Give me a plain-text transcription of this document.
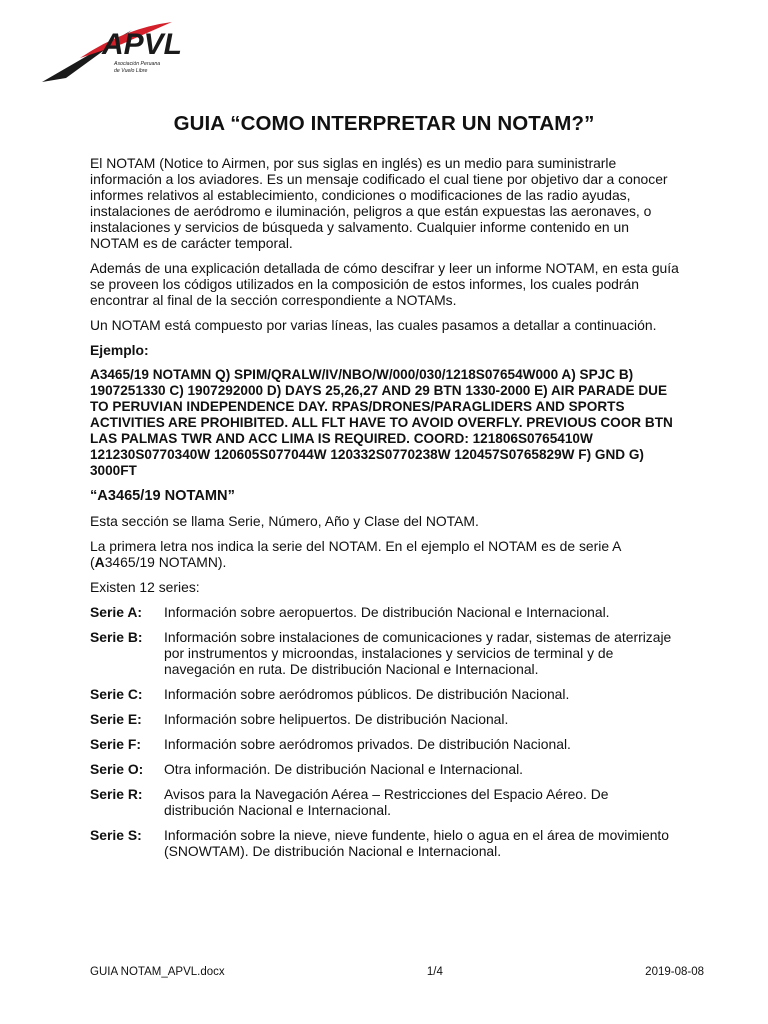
APVL
Asociación Peruana
de Vuelo Libre
GUIA “COMO INTERPRETAR UN NOTAM?”

El NOTAM (Notice to Airmen, por sus siglas en inglés) es un medio para suministrarle información a los aviadores. Es un mensaje codificado el cual tiene por objetivo dar a conocer informes relativos al establecimiento, condiciones o modificaciones de las radio ayudas, instalaciones de aeródromo e iluminación, peligros a que están expuestas las aeronaves, o instalaciones y servicios de búsqueda y salvamento. Cualquier informe contenido en un NOTAM es de carácter temporal.

Además de una explicación detallada de cómo descifrar y leer un informe NOTAM, en esta guía se proveen los códigos utilizados en la composición de estos informes, los cuales podrán encontrar al final de la sección correspondiente a NOTAMs.

Un NOTAM está compuesto por varias líneas, las cuales pasamos a detallar a continuación.

Ejemplo:

A3465/19 NOTAMN Q) SPIM/QRALW/IV/NBO/W/000/030/1218S07654W000 A) SPJC B) 1907251330 C) 1907292000 D) DAYS 25,26,27 AND 29 BTN 1330-2000 E) AIR PARADE DUE TO PERUVIAN INDEPENDENCE DAY. RPAS/DRONES/PARAGLIDERS AND SPORTS ACTIVITIES ARE PROHIBITED. ALL FLT HAVE TO AVOID OVERFLY. PREVIOUS COOR BTN LAS PALMAS TWR AND ACC LIMA IS REQUIRED. COORD: 121806S0765410W 121230S0770340W 120605S077044W 120332S0770238W 120457S0765829W F) GND G) 3000FT

“A3465/19 NOTAMN”

Esta sección se llama Serie, Número, Año y Clase del NOTAM.

La primera letra nos indica la serie del NOTAM. En el ejemplo el NOTAM es de serie A (A3465/19 NOTAMN).

Existen 12 series:

Serie A:	Información sobre aeropuertos. De distribución Nacional e Internacional.
Serie B:	Información sobre instalaciones de comunicaciones y radar, sistemas de aterrizaje por instrumentos y microondas, instalaciones y servicios de terminal y de navegación en ruta. De distribución Nacional e Internacional.
Serie C:	Información sobre aeródromos públicos. De distribución Nacional.
Serie E:	Información sobre helipuertos. De distribución Nacional.
Serie F:	Información sobre aeródromos privados. De distribución Nacional.
Serie O:	Otra información. De distribución Nacional e Internacional.
Serie R:	Avisos para la Navegación Aérea – Restricciones del Espacio Aéreo. De distribución Nacional e Internacional.
Serie S:	Información sobre la nieve, nieve fundente, hielo o agua en el área de movimiento (SNOWTAM). De distribución Nacional e Internacional.
GUIA NOTAM_APVL.docx	1/4	2019-08-08
